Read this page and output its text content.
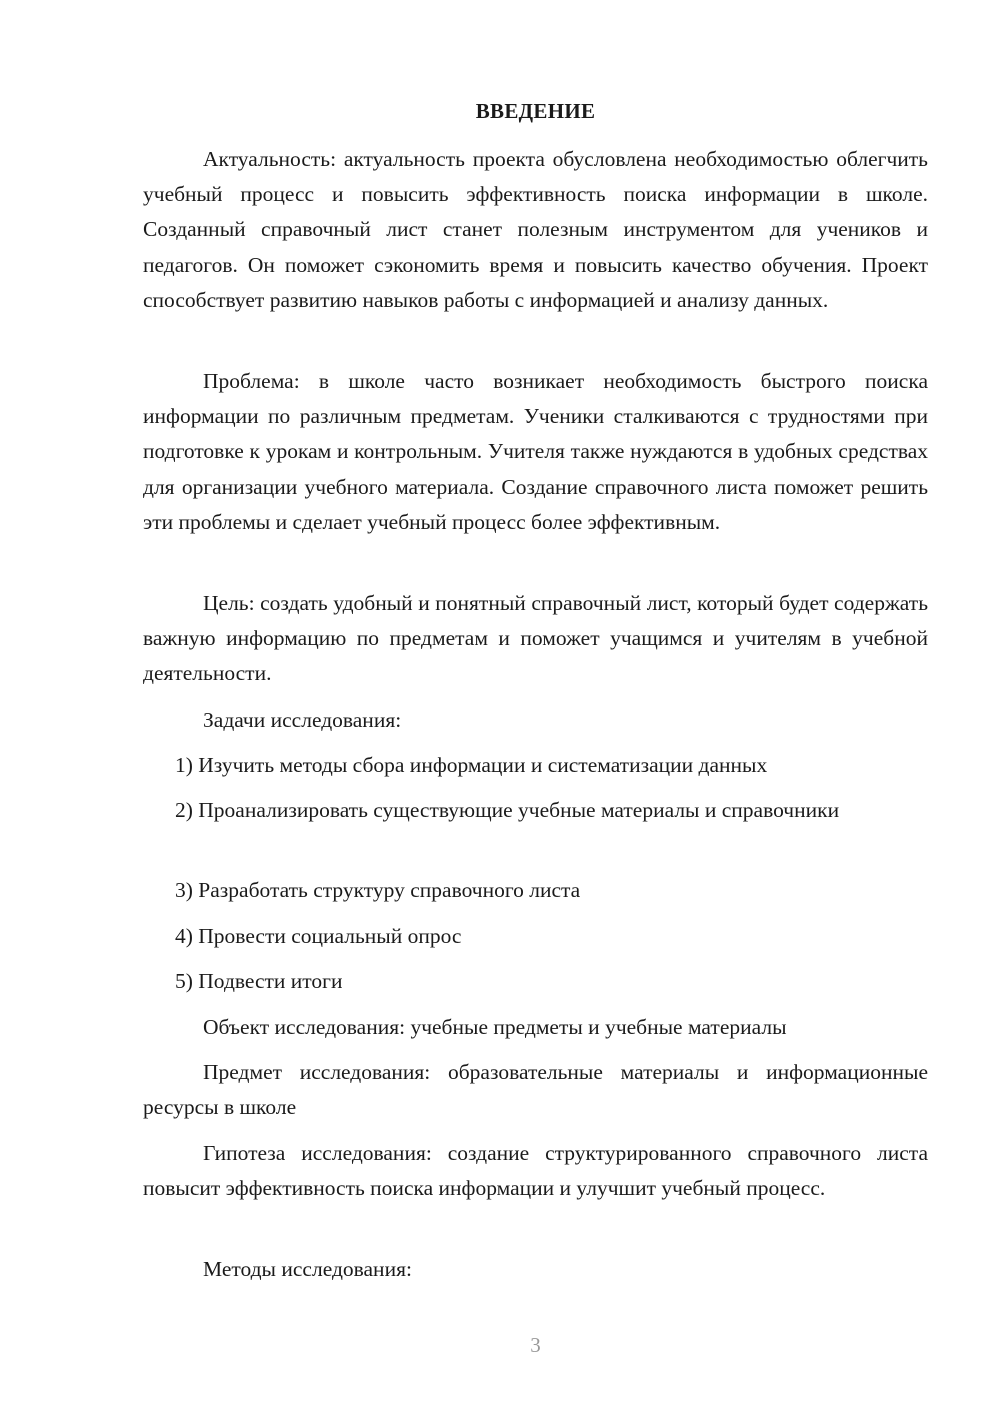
ВВЕДЕНИЕ

Актуальность: актуальность проекта обусловлена необходимостью облегчить учебный процесс и повысить эффективность поиска информации в школе. Созданный справочный лист станет полезным инструментом для учеников и педагогов. Он поможет сэкономить время и повысить качество обучения. Проект способствует развитию навыков работы с информацией и анализу данных.

Проблема: в школе часто возникает необходимость быстрого поиска информации по различным предметам. Ученики сталкиваются с трудностями при подготовке к урокам и контрольным. Учителя также нуждаются в удобных средствах для организации учебного материала. Создание справочного листа поможет решить эти проблемы и сделает учебный процесс более эффективным.

Цель: создать удобный и понятный справочный лист, который будет содержать важную информацию по предметам и поможет учащимся и учителям в учебной деятельности.

Задачи исследования:

1) Изучить методы сбора информации и систематизации данных

2) Проанализировать существующие учебные материалы и справочники

3) Разработать структуру справочного листа

4) Провести социальный опрос

5) Подвести итоги

Объект исследования: учебные предметы и учебные материалы

Предмет исследования: образовательные материалы и информационные ресурсы в школе

Гипотеза исследования: создание структурированного справочного листа повысит эффективность поиска информации и улучшит учебный процесс.

Методы исследования:

3
